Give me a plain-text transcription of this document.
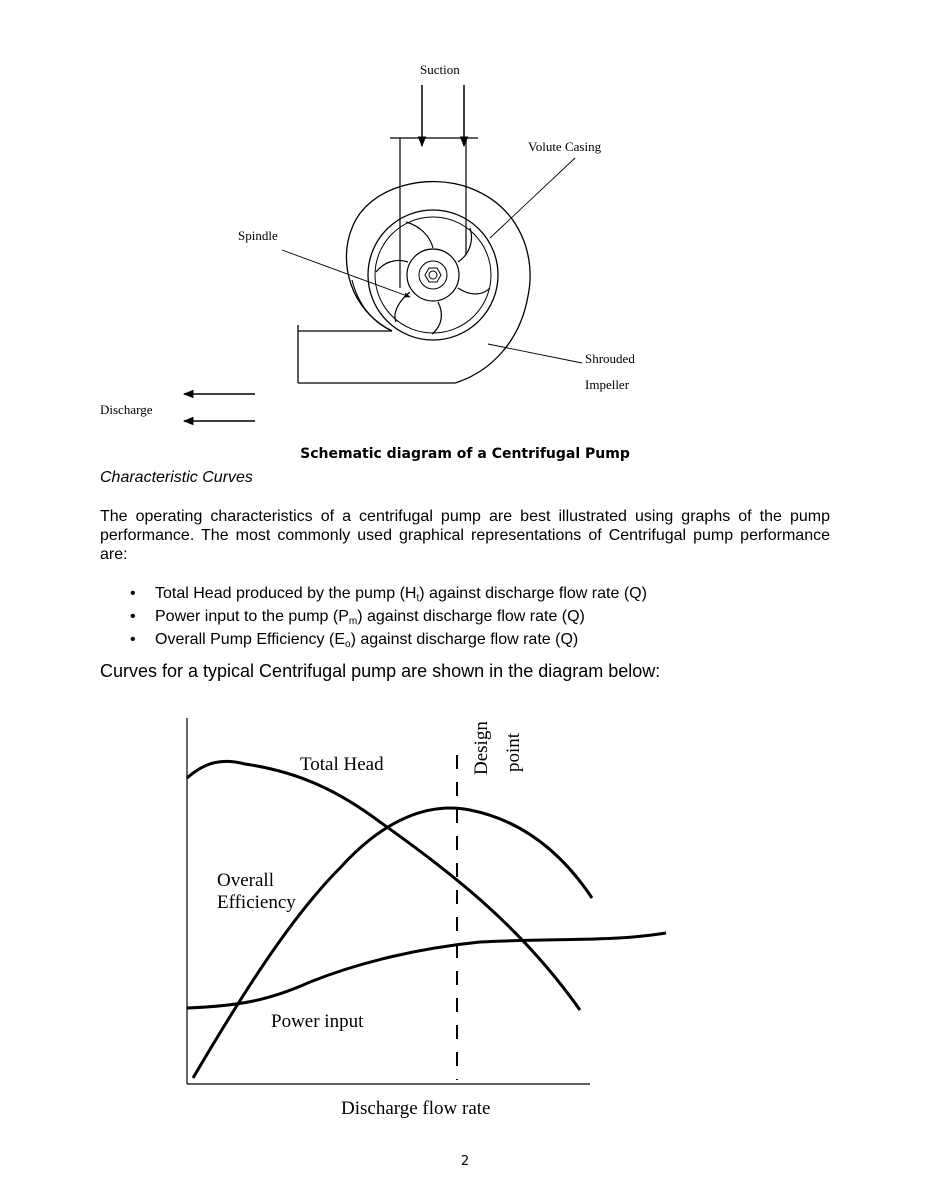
Suction
Volute Casing
Spindle
Shrouded
Impeller
Discharge
Schematic diagram of a Centrifugal Pump
Characteristic Curves

The operating characteristics of a centrifugal pump are best illustrated using graphs of the pump performance. The most commonly used graphical representations of Centrifugal pump performance are:

• Total Head produced by the pump $(H_t)$ against discharge flow rate (Q)
• Power input to the pump $(P_m)$ against discharge flow rate (Q)
• Overall Pump Efficiency $(E_o)$ against discharge flow rate (Q)
Curves for a typical Centrifugal pump are shown in the diagram below:
Total Head
Overall
Efficiency
Power input
Design point
Discharge flow rate
2
